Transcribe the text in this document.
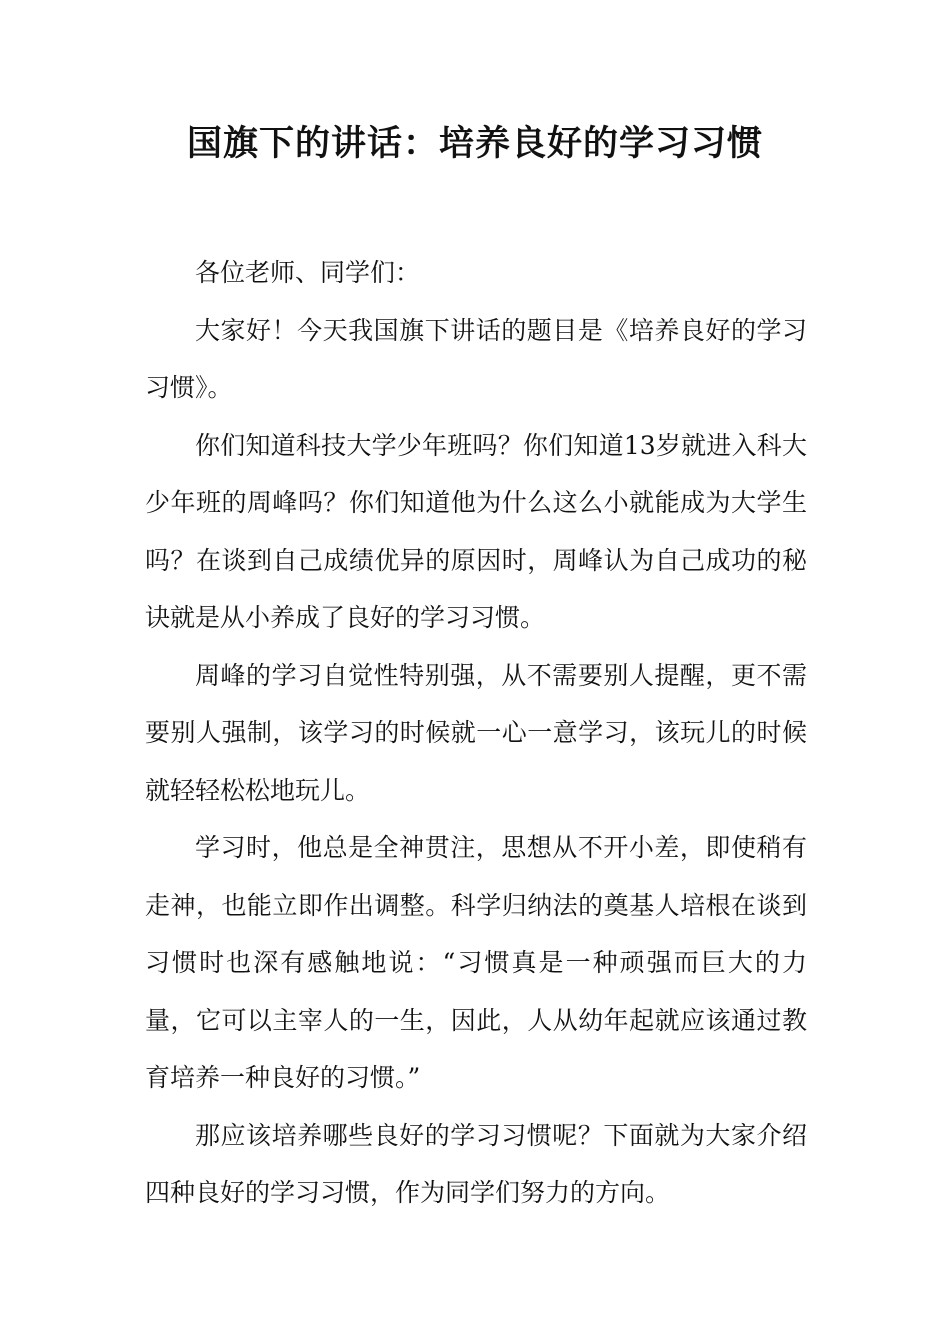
国旗下的讲话：培养良好的学习习惯

各位老师、同学们：

大家好！今天我国旗下讲话的题目是《培养良好的学习习惯》。

你们知道科技大学少年班吗？你们知道13岁就进入科大少年班的周峰吗？你们知道他为什么这么小就能成为大学生吗？在谈到自己成绩优异的原因时，周峰认为自己成功的秘诀就是从小养成了良好的学习习惯。

周峰的学习自觉性特别强，从不需要别人提醒，更不需要别人强制，该学习的时候就一心一意学习，该玩儿的时候就轻轻松松地玩儿。

学习时，他总是全神贯注，思想从不开小差，即使稍有走神，也能立即作出调整。科学归纳法的奠基人培根在谈到习惯时也深有感触地说：“习惯真是一种顽强而巨大的力量，它可以主宰人的一生，因此，人从幼年起就应该通过教育培养一种良好的习惯。”

那应该培养哪些良好的学习习惯呢？下面就为大家介绍四种良好的学习习惯，作为同学们努力的方向。
